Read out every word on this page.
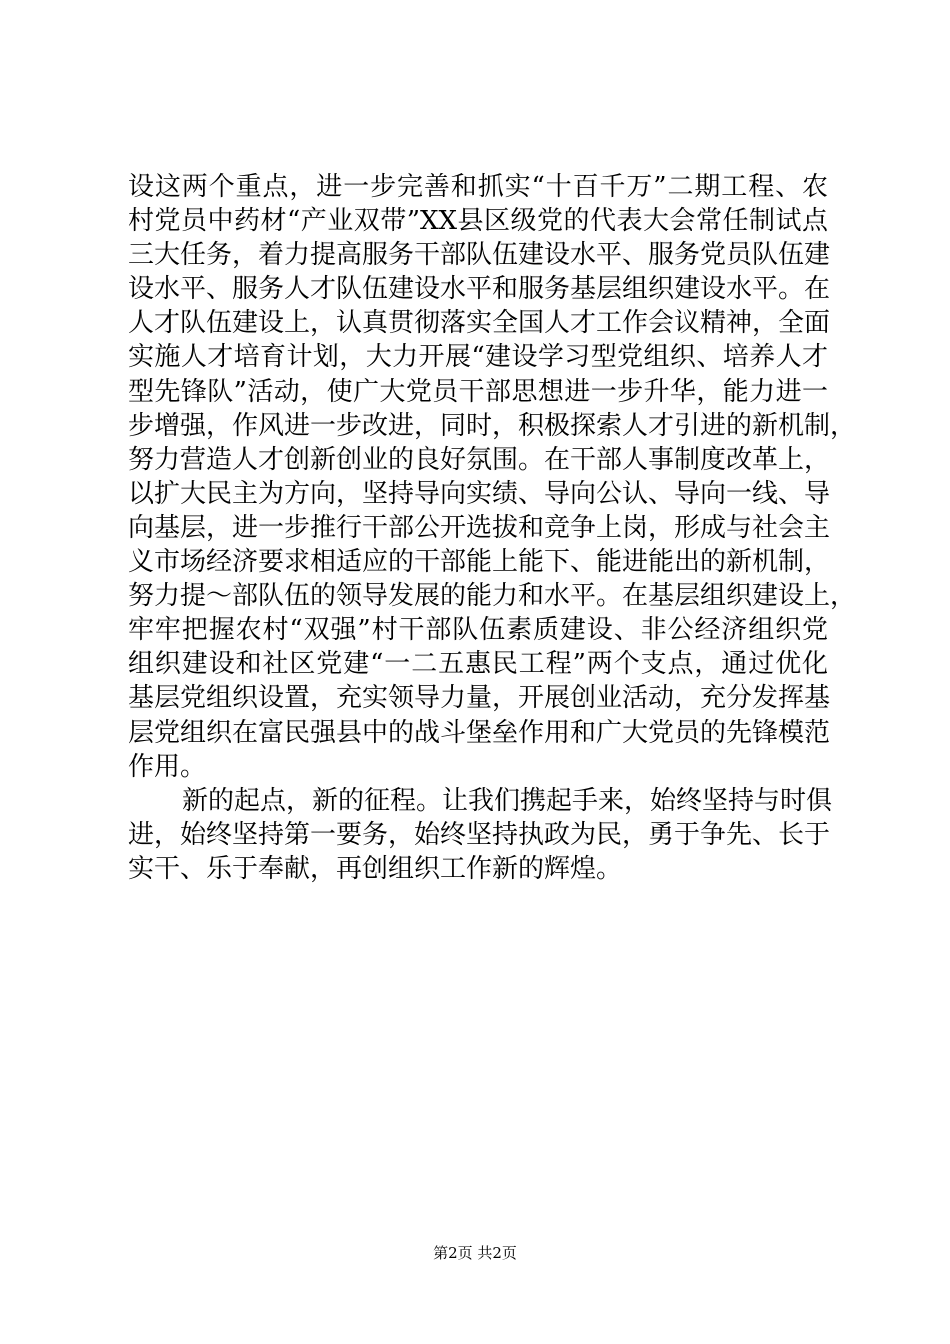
设这两个重点，进一步完善和抓实“十百千万”二期工程、农
村党员中药材“产业双带”XX县区级党的代表大会常任制试点
三大任务，着力提高服务干部队伍建设水平、服务党员队伍建
设水平、服务人才队伍建设水平和服务基层组织建设水平。在
人才队伍建设上，认真贯彻落实全国人才工作会议精神，全面
实施人才培育计划，大力开展“建设学习型党组织、培养人才
型先锋队”活动，使广大党员干部思想进一步升华，能力进一
步增强，作风进一步改进，同时，积极探索人才引进的新机制，
努力营造人才创新创业的良好氛围。在干部人事制度改革上，
以扩大民主为方向，坚持导向实绩、导向公认、导向一线、导
向基层，进一步推行干部公开选拔和竞争上岗，形成与社会主
义市场经济要求相适应的干部能上能下、能进能出的新机制，
努力提～部队伍的领导发展的能力和水平。在基层组织建设上，
牢牢把握农村“双强”村干部队伍素质建设、非公经济组织党
组织建设和社区党建“一二五惠民工程”两个支点，通过优化
基层党组织设置，充实领导力量，开展创业活动，充分发挥基
层党组织在富民强县中的战斗堡垒作用和广大党员的先锋模范
作用。
新的起点，新的征程。让我们携起手来，始终坚持与时俱
进，始终坚持第一要务，始终坚持执政为民，勇于争先、长于
实干、乐于奉献，再创组织工作新的辉煌。
第2页 共2页
